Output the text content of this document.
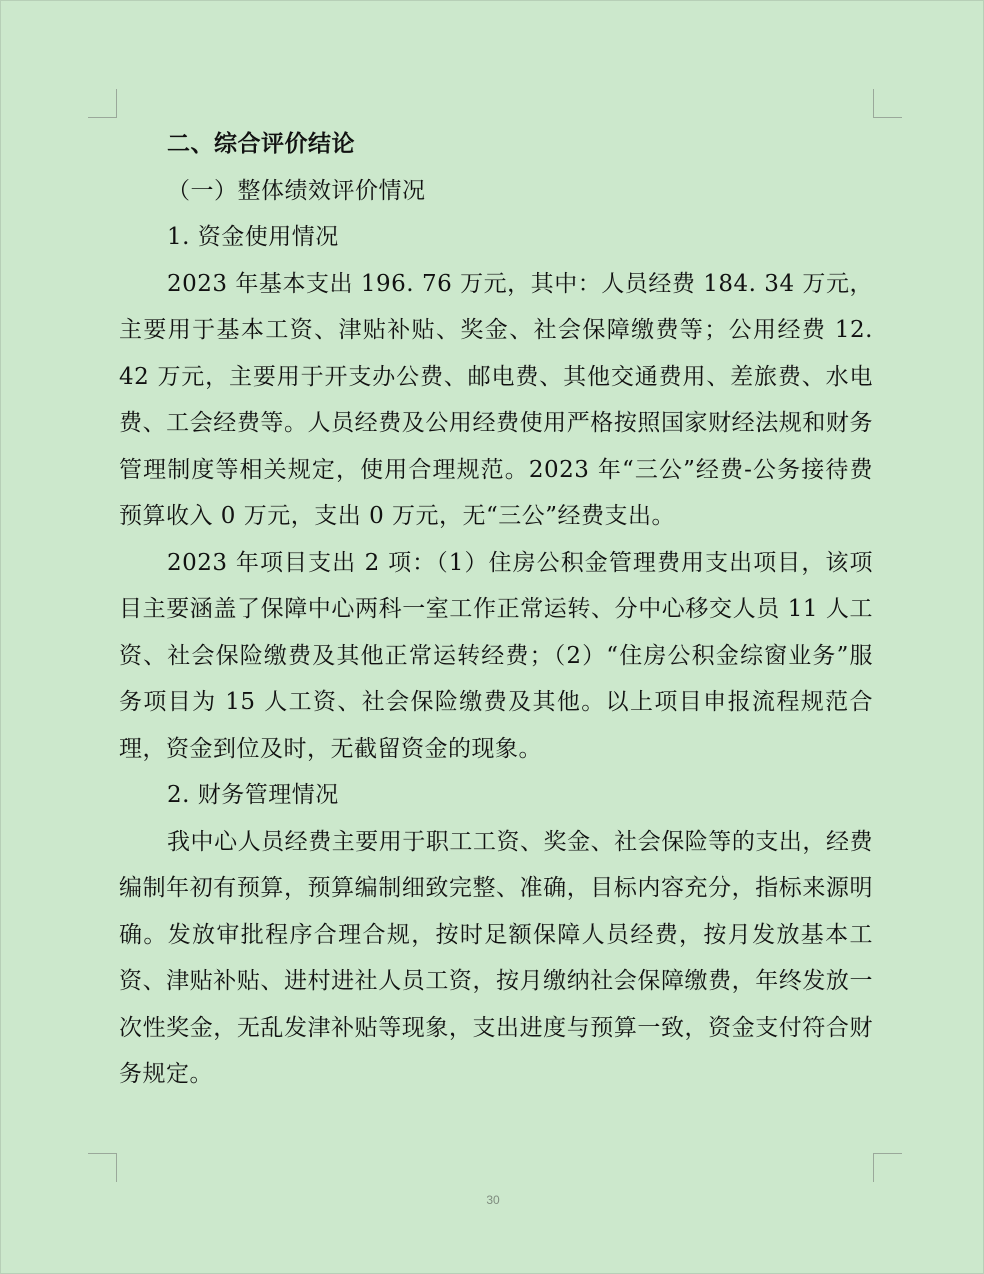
二、综合评价结论

（一）整体绩效评价情况

1. 资金使用情况

2023 年基本支出 196. 76 万元，其中：人员经费 184. 34 万元，主要用于基本工资、津贴补贴、奖金、社会保障缴费等；公用经费 12. 42 万元，主要用于开支办公费、邮电费、其他交通费用、差旅费、水电费、工会经费等。人员经费及公用经费使用严格按照国家财经法规和财务管理制度等相关规定，使用合理规范。2023 年“三公”经费-公务接待费预算收入 0 万元，支出 0 万元，无“三公”经费支出。

2023 年项目支出 2 项：（1）住房公积金管理费用支出项目，该项目主要涵盖了保障中心两科一室工作正常运转、分中心移交人员 11 人工资、社会保险缴费及其他正常运转经费；（2）“住房公积金综窗业务”服务项目为 15 人工资、社会保险缴费及其他。以上项目申报流程规范合理，资金到位及时，无截留资金的现象。

2. 财务管理情况

我中心人员经费主要用于职工工资、奖金、社会保险等的支出，经费编制年初有预算，预算编制细致完整、准确，目标内容充分，指标来源明确。发放审批程序合理合规，按时足额保障人员经费，按月发放基本工资、津贴补贴、进村进社人员工资，按月缴纳社会保障缴费，年终发放一次性奖金，无乱发津补贴等现象，支出进度与预算一致，资金支付符合财务规定。

30
